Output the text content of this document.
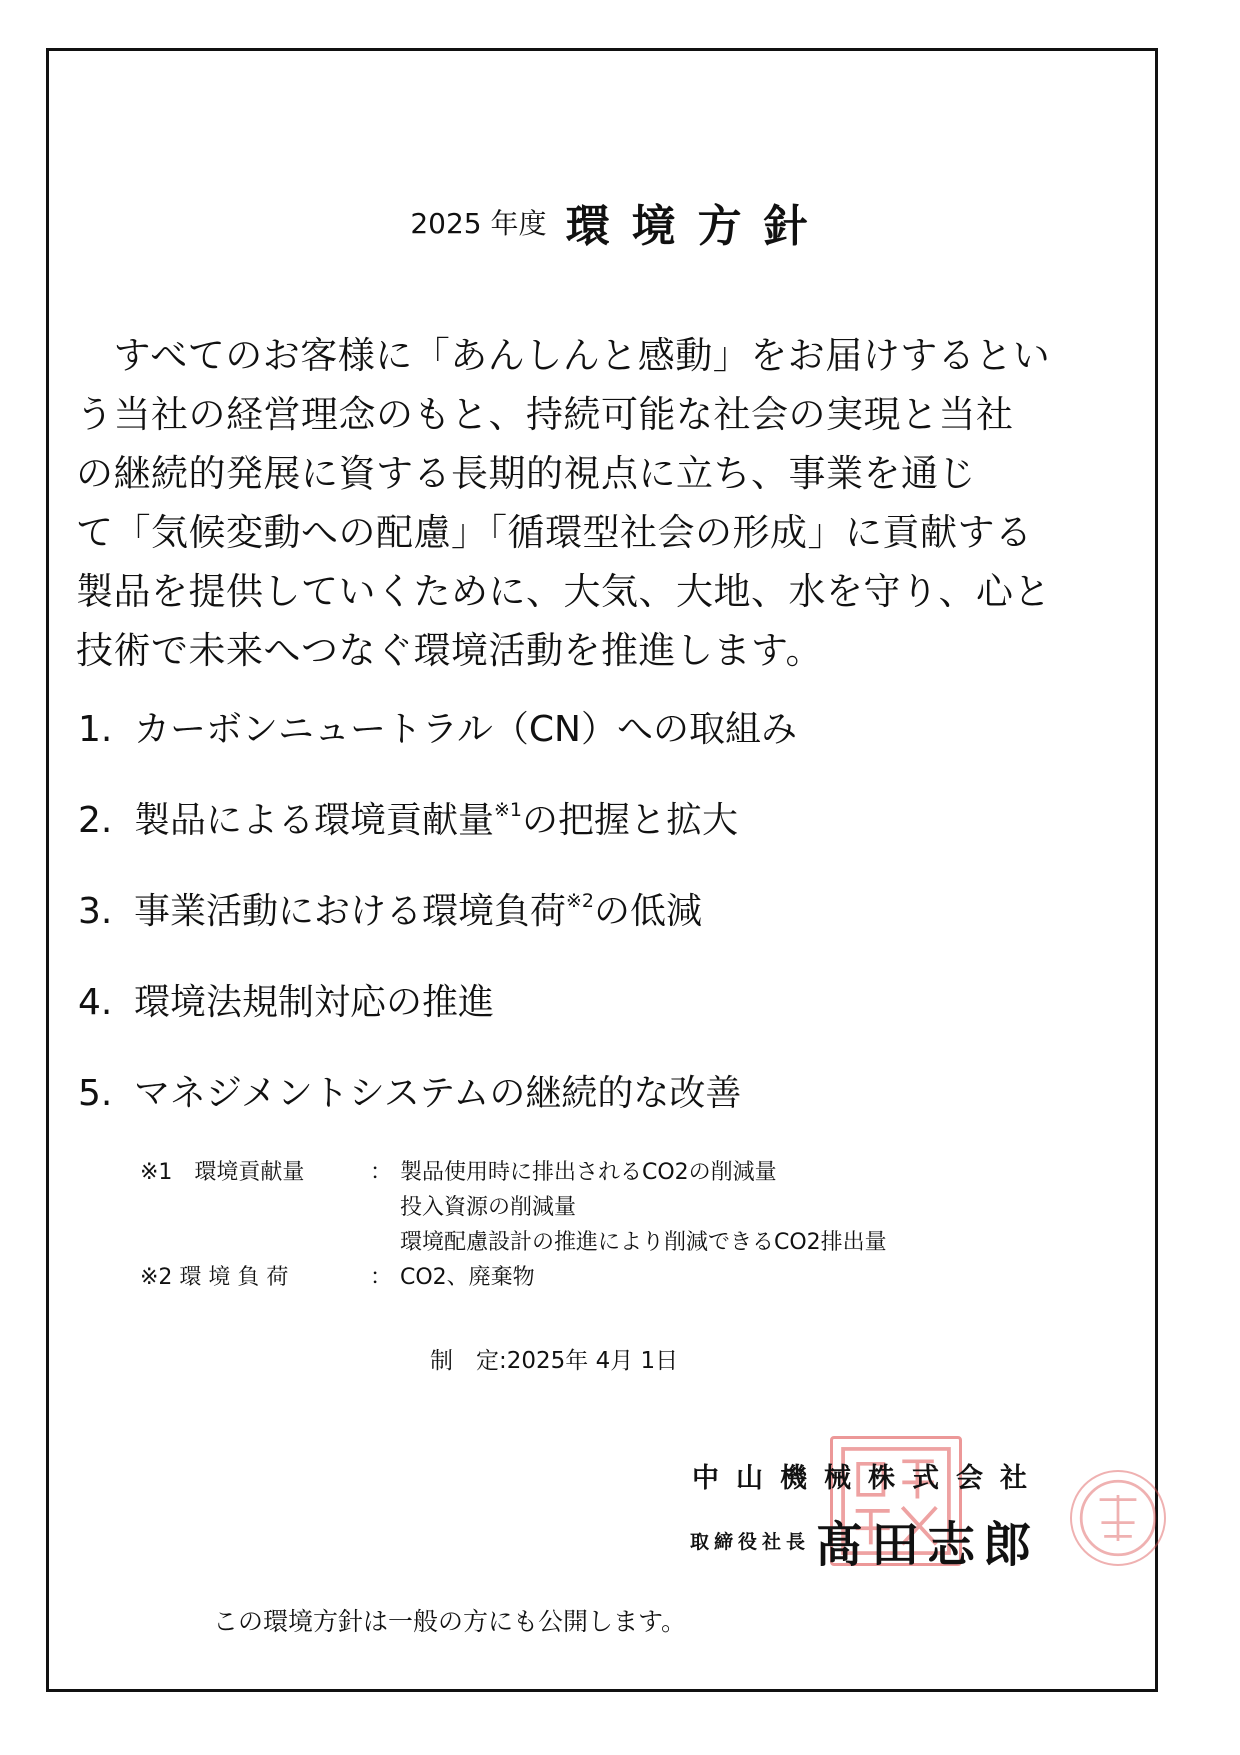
2025 年度 環境方針
　すべてのお客様に「あんしんと感動」をお届けするとい
う当社の経営理念のもと、持続可能な社会の実現と当社
の継続的発展に資する長期的視点に立ち、事業を通じ
て「気候変動への配慮」「循環型社会の形成」に貢献する
製品を提供していくために、大気、大地、水を守り、心と
技術で未来へつなぐ環境活動を推進します。
1. カーボンニュートラル（CN）への取組み
2. 製品による環境貢献量$^{※1}$の把握と拡大
3. 事業活動における環境負荷$^{※2}$の低減
4. 環境法規制対応の推進
5. マネジメントシステムの継続的な改善
※1　環境貢献量	： 製品使用時に排出されるCO2の削減量
投入資源の削減量
環境配慮設計の推進により削減できるCO2排出量
※2 環 境 負 荷	： CO2、廃棄物
制　定:2025年 4月 1日
中山機械株式会社
取締役社長 髙田志郎
この環境方針は一般の方にも公開します。
